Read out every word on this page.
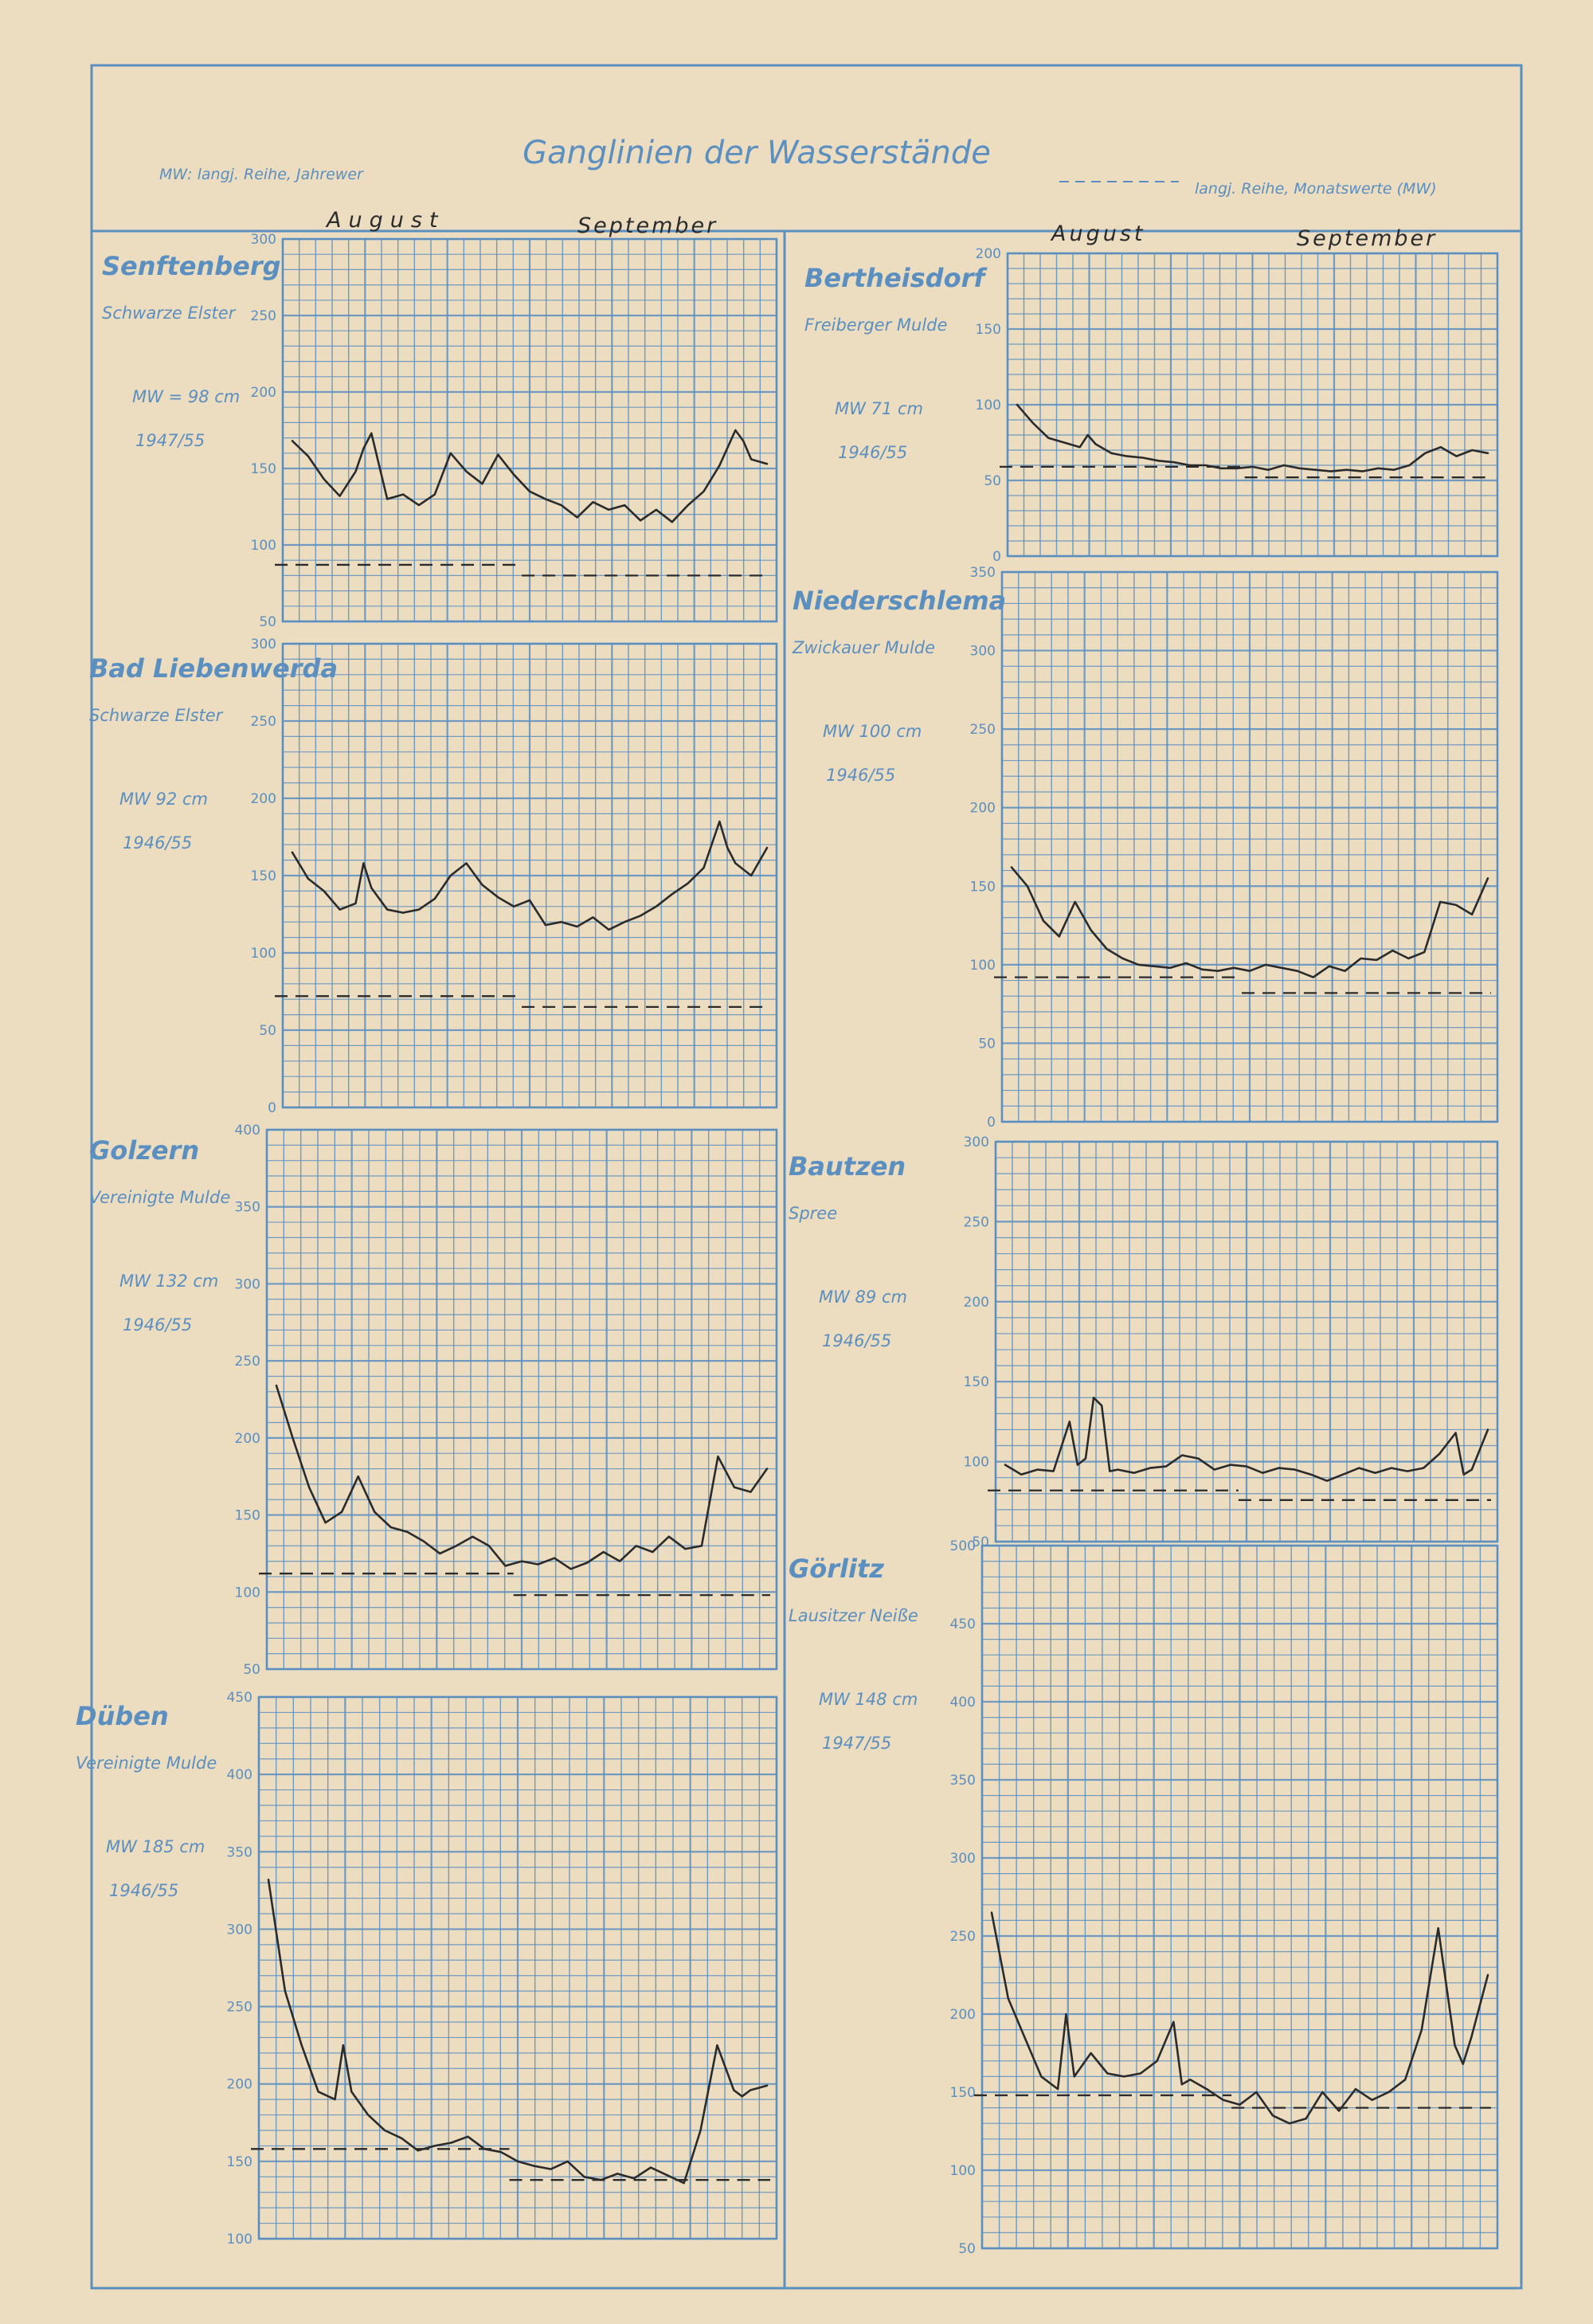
Ganglinien der Wasserstände
MW: langj. Reihe, Jahrewer
langj. Reihe, Monatswerte (MW)
August	September	August	September
300
250
200
150
100
50
Senftenberg
Schwarze Elster
MW = 98 cm
1947/55
300
250
200
150
100
50
0
Bad Liebenwerda
Schwarze Elster
MW 92 cm
1946/55
400
350
300
250
200
150
100
50
Golzern
Vereinigte Mulde
MW 132 cm
1946/55
450
400
350
300
250
200
150
100
Düben
Vereinigte Mulde
MW 185 cm
1946/55
200
150
100
50
0
Bertheisdorf
Freiberger Mulde
MW 71 cm
1946/55
350
300
250
200
150
100
50
0
Niederschlema
Zwickauer Mulde
MW 100 cm
1946/55
300
250
200
150
100
50
Bautzen
Spree
MW 89 cm
1946/55
500
450
400
350
300
250
200
150
100
50
Görlitz
Lausitzer Neiße
MW 148 cm
1947/55
